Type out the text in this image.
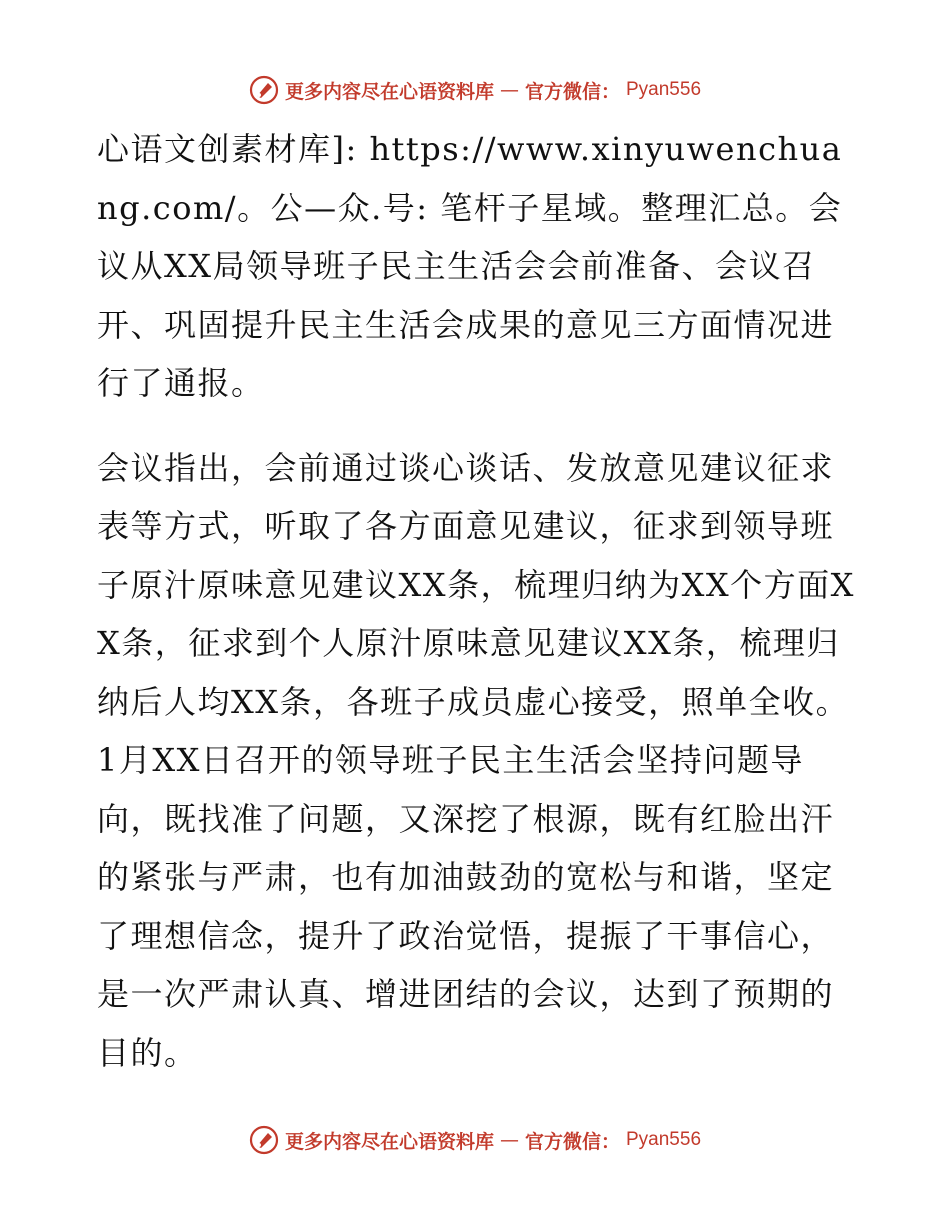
更多内容尽在心语资料库 — 官方微信： Pyan556

心语文创素材库]: https://www.xinyuwenchuang.com/。公—众.号: 笔杆子星域。整理汇总。会议从XX局领导班子民主生活会会前准备、会议召开、巩固提升民主生活会成果的意见三方面情况进行了通报。

会议指出，会前通过谈心谈话、发放意见建议征求表等方式，听取了各方面意见建议，征求到领导班子原汁原味意见建议XX条，梳理归纳为XX个方面XX条，征求到个人原汁原味意见建议XX条，梳理归纳后人均XX条，各班子成员虚心接受，照单全收。1月XX日召开的领导班子民主生活会坚持问题导向，既找准了问题，又深挖了根源，既有红脸出汗的紧张与严肃，也有加油鼓劲的宽松与和谐，坚定了理想信念，提升了政治觉悟，提振了干事信心，是一次严肃认真、增进团结的会议，达到了预期的目的。

更多内容尽在心语资料库 — 官方微信： Pyan556
